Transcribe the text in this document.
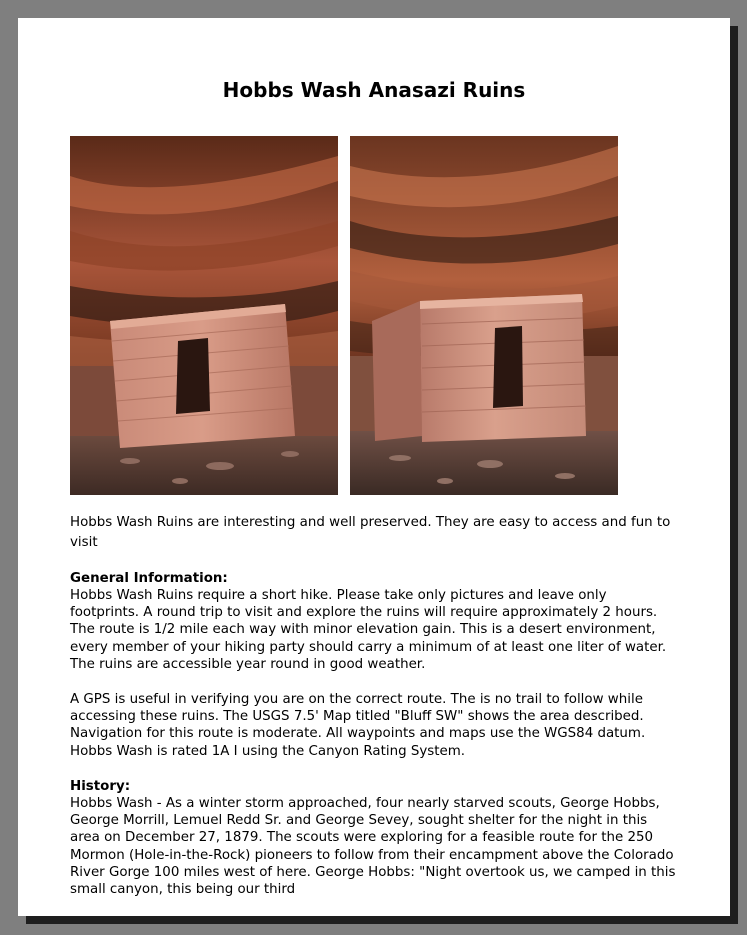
Hobbs Wash Anasazi Ruins

Hobbs Wash Ruins are interesting and well preserved. They are easy to access and fun to visit

General Information:

Hobbs Wash Ruins require a short hike. Please take only pictures and leave only footprints. A round trip to visit and explore the ruins will require approximately 2 hours. The route is 1/2 mile each way with minor elevation gain. This is a desert environment, every member of your hiking party should carry a minimum of at least one liter of water. The ruins are accessible year round in good weather.

A GPS is useful in verifying you are on the correct route. The is no trail to follow while accessing these ruins. The USGS 7.5' Map titled "Bluff SW" shows the area described. Navigation for this route is moderate. All waypoints and maps use the WGS84 datum. Hobbs Wash is rated 1A I using the Canyon Rating System.

History:

Hobbs Wash - As a winter storm approached, four nearly starved scouts, George Hobbs, George Morrill, Lemuel Redd Sr. and George Sevey, sought shelter for the night in this area on December 27, 1879. The scouts were exploring for a feasible route for the 250 Mormon (Hole-in-the-Rock) pioneers to follow from their encampment above the Colorado River Gorge 100 miles west of here. George Hobbs: "Night overtook us, we camped in this small canyon, this being our third
